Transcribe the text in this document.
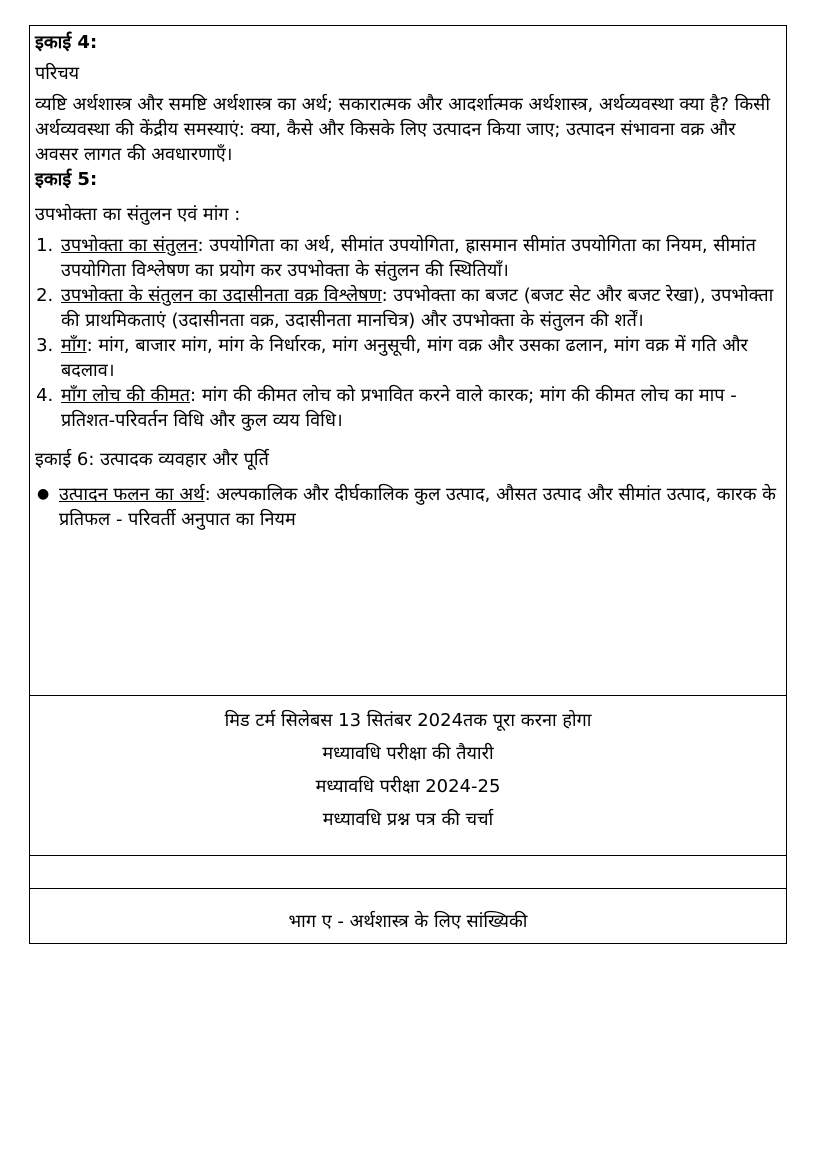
इकाई 4:

परिचय

व्यष्टि अर्थशास्त्र और समष्टि अर्थशास्त्र का अर्थ; सकारात्मक और आदर्शात्मक अर्थशास्त्र, अर्थव्यवस्था क्या है? किसी अर्थव्यवस्था की केंद्रीय समस्याएं: क्या, कैसे और किसके लिए उत्पादन किया जाए; उत्पादन संभावना वक्र और अवसर लागत की अवधारणाएँ।

इकाई 5:

उपभोक्ता का संतुलन एवं मांग :

1. उपभोक्ता का संतुलन: उपयोगिता का अर्थ, सीमांत उपयोगिता, ह्रासमान सीमांत उपयोगिता का नियम, सीमांत उपयोगिता विश्लेषण का प्रयोग कर उपभोक्ता के संतुलन की स्थितियाँ।
2. उपभोक्ता के संतुलन का उदासीनता वक्र विश्लेषण: उपभोक्ता का बजट (बजट सेट और बजट रेखा), उपभोक्ता की प्राथमिकताएं (उदासीनता वक्र, उदासीनता मानचित्र) और उपभोक्ता के संतुलन की शर्तें।
3. माँग: मांग, बाजार मांग, मांग के निर्धारक, मांग अनुसूची, मांग वक्र और उसका ढलान, मांग वक्र में गति और बदलाव।
4. माँग लोच की कीमत: मांग की कीमत लोच को प्रभावित करने वाले कारक; मांग की कीमत लोच का माप - प्रतिशत-परिवर्तन विधि और कुल व्यय विधि।

इकाई 6: उत्पादक व्यवहार और पूर्ति

● उत्पादन फलन का अर्थ: अल्पकालिक और दीर्घकालिक कुल उत्पाद, औसत उत्पाद और सीमांत उत्पाद, कारक के प्रतिफल - परिवर्ती अनुपात का नियम
मिड टर्म सिलेबस 13 सितंबर 2024तक पूरा करना होगा
मध्यावधि परीक्षा की तैयारी
मध्यावधि परीक्षा 2024-25
मध्यावधि प्रश्न पत्र की चर्चा
भाग ए - अर्थशास्त्र के लिए सांख्यिकी
